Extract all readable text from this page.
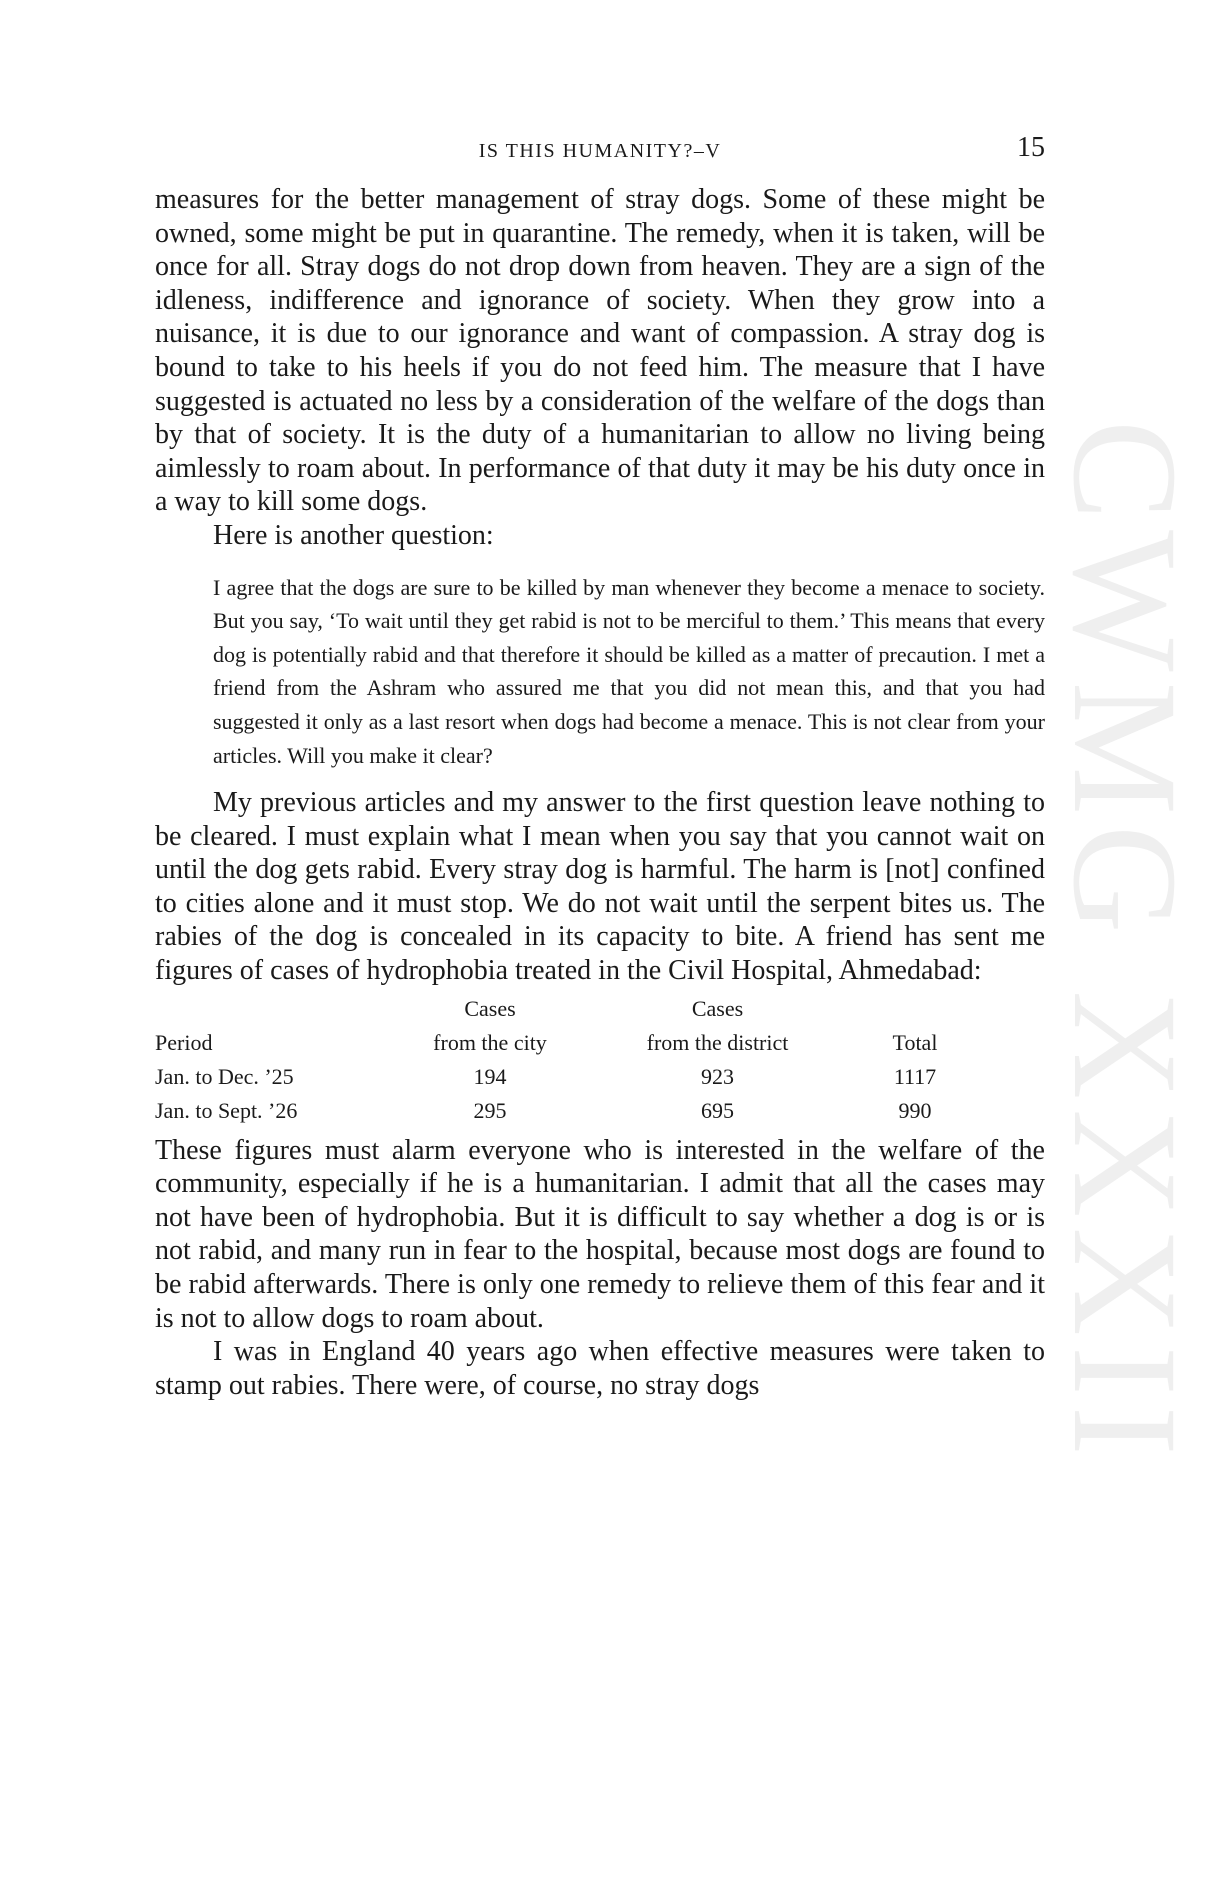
CWMG XXXII
IS THIS HUMANITY?–V	15

measures for the better management of stray dogs. Some of these might be owned, some might be put in quarantine. The remedy, when it is taken, will be once for all. Stray dogs do not drop down from heaven. They are a sign of the idleness, indifference and ignorance of society. When they grow into a nuisance, it is due to our ignorance and want of compassion. A stray dog is bound to take to his heels if you do not feed him. The measure that I have suggested is actuated no less by a consideration of the welfare of the dogs than by that of society. It is the duty of a humanitarian to allow no living being aimlessly to roam about. In performance of that duty it may be his duty once in a way to kill some dogs.

Here is another question:

I agree that the dogs are sure to be killed by man whenever they become a menace to society. But you say, ‘To wait until they get rabid is not to be merciful to them.’ This means that every dog is potentially rabid and that therefore it should be killed as a matter of precaution. I met a friend from the Ashram who assured me that you did not mean this, and that you had suggested it only as a last resort when dogs had become a menace. This is not clear from your articles. Will you make it clear?

My previous articles and my answer to the first question leave nothing to be cleared. I must explain what I mean when you say that you cannot wait on until the dog gets rabid. Every stray dog is harmful. The harm is [not] confined to cities alone and it must stop. We do not wait until the serpent bites us. The rabies of the dog is concealed in its capacity to bite. A friend has sent me figures of cases of hydrophobia treated in the Civil Hospital, Ahmedabad:

	Cases	Cases	
Period	from the city	from the district	Total
Jan. to Dec. ’25	194	923	1117
Jan. to Sept. ’26	295	695	990

These figures must alarm everyone who is interested in the welfare of the community, especially if he is a humanitarian. I admit that all the cases may not have been of hydrophobia. But it is difficult to say whether a dog is or is not rabid, and many run in fear to the hospital, because most dogs are found to be rabid afterwards. There is only one remedy to relieve them of this fear and it is not to allow dogs to roam about.

I was in England 40 years ago when effective measures were taken to stamp out rabies. There were, of course, no stray dogs
